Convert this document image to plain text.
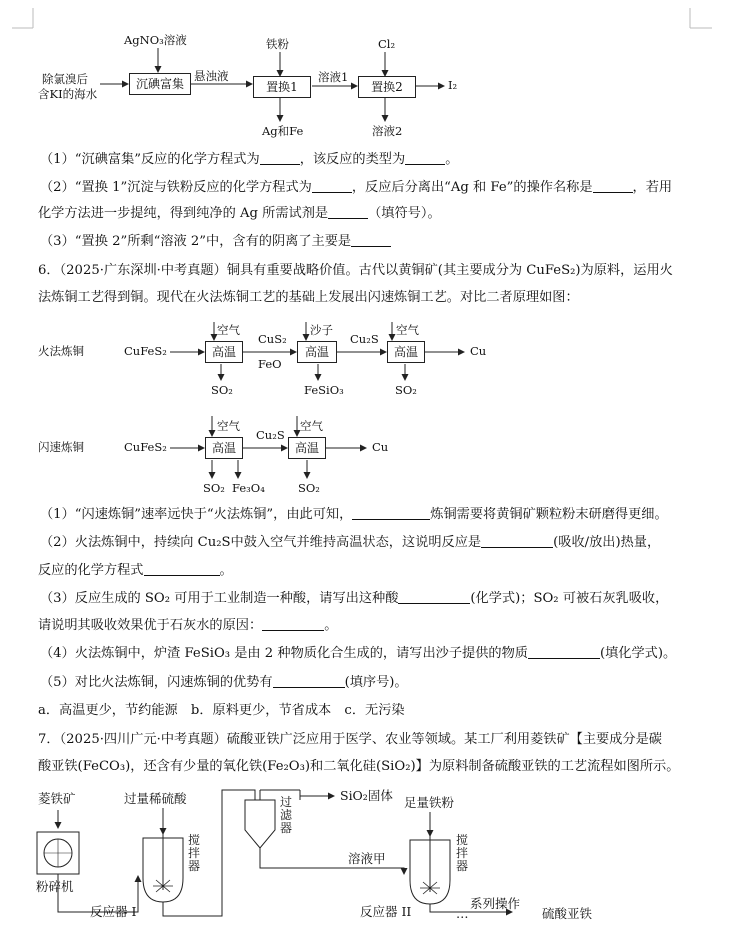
AgNO₃溶液	铁粉	Cl₂
除氯溴后
含KI的海水
沉碘富集
悬浊液
置换1
溶液1
置换2	I₂
Ag和Fe	溶液2
（1）“沉碘富集”反应的化学方程式为	，该反应的类型为	。
（2）“置换 1”沉淀与铁粉反应的化学方程式为	，反应后分离出“Ag 和 Fe”的操作名称是	，若用
化学方法进一步提纯，得到纯净的 Ag 所需试剂是	（填符号）。
（3）“置换 2”所剩“溶液 2”中，含有的阴离了主要是
6．（2025·广东深圳·中考真题）铜具有重要战略价值。古代以黄铜矿(其主要成分为 CuFeS₂)为原料，运用火
法炼铜工艺得到铜。现代在火法炼铜工艺的基础上发展出闪速炼铜工艺。对比二者原理如图：
火法炼铜	CuFeS₂
空气
高温
CuS₂
FeO
沙子
高温
Cu₂S
空气
高温	Cu
SO₂	FeSiO₃	SO₂
闪速炼铜	CuFeS₂
空气
高温
Cu₂S
空气
高温	Cu
SO₂ Fe₃O₄	SO₂
（1）“闪速炼铜”速率远快于“火法炼铜”，由此可知，	炼铜需要将黄铜矿颗粒粉末研磨得更细。
（2）火法炼铜中，持续向 Cu₂S中鼓入空气并维持高温状态，这说明反应是	(吸收/放出)热量，
反应的化学方程式	。
（3）反应生成的 SO₂ 可用于工业制造一种酸，请写出这种酸	(化学式)；SO₂ 可被石灰乳吸收，
请说明其吸收效果优于石灰水的原因：	。
（4）火法炼铜中，炉渣 FeSiO₃ 是由 2 种物质化合生成的，请写出沙子提供的物质	(填化学式)。
（5）对比火法炼铜，闪速炼铜的优势有	(填序号)。
a．高温更少，节约能源　b．原料更少，节省成本　c．无污染
7．（2025·四川广元·中考真题）硫酸亚铁广泛应用于医学、农业等领域。某工厂利用菱铁矿【主要成分是碳
酸亚铁(FeCO₃)，还含有少量的氧化铁(Fe₂O₃)和二氧化硅(SiO₂)】为原料制备硫酸亚铁的工艺流程如图所示。
菱铁矿	过量稀硫酸	过滤器
SiO₂固体 足量铁粉
搅拌器
搅拌器
粉碎机
溶液甲
反应器 I	反应器 II
系列操作
…	硫酸亚铁
